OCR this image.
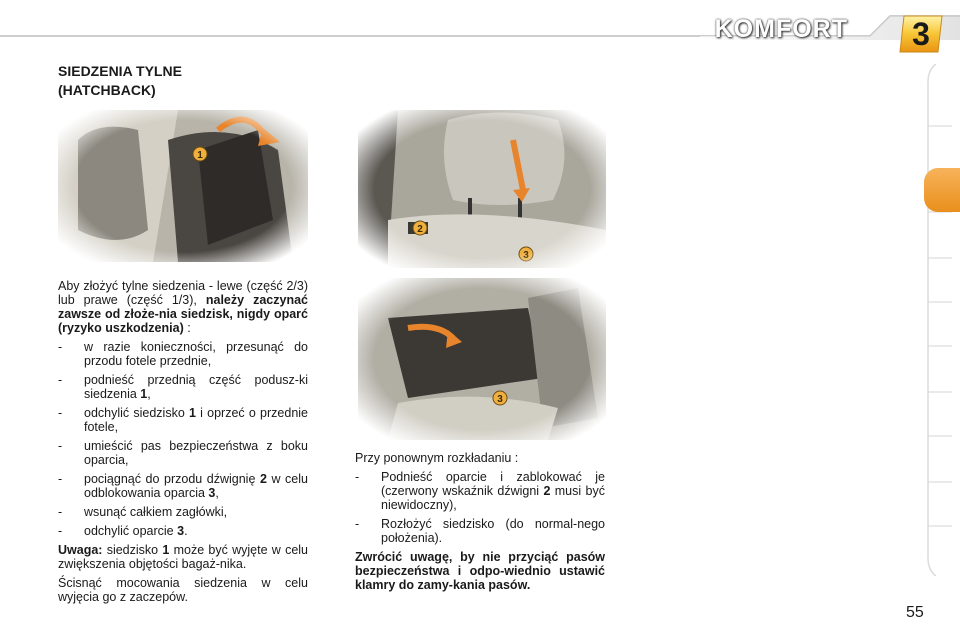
KOMFORT	3
SIEDZENIA TYLNE
(HATCHBACK)

Aby złożyć tylne siedzenia - lewe (część 2/3) lub prawe (część 1/3), należy zaczynać zawsze od złoże-nia siedzisk, nigdy oparć (ryzyko uszkodzenia) :

- w razie konieczności, przesunąć do przodu fotele przednie,
- podnieść przednią część podusz-ki siedzenia 1,
- odchylić siedzisko 1 i oprzeć o przednie fotele,
- umieścić pas bezpieczeństwa z boku oparcia,
- pociągnąć do przodu dźwignię 2 w celu odblokowania oparcia 3,
- wsunąć całkiem zagłówki,
- odchylić oparcie 3.

Uwaga: siedzisko 1 może być wyjęte w celu zwiększenia objętości bagaż-nika.

Ścisnąć mocowania siedzenia w celu wyjęcia go z zaczepów.

Przy ponownym rozkładaniu :

- Podnieść oparcie i zablokować je (czerwony wskaźnik dźwigni 2 musi być niewidoczny),
- Rozłożyć siedzisko (do normal-nego położenia).

Zwrócić uwagę, by nie przyciąć pasów bezpieczeństwa i odpo-wiednio ustawić klamry do zamy-kania pasów.

55
